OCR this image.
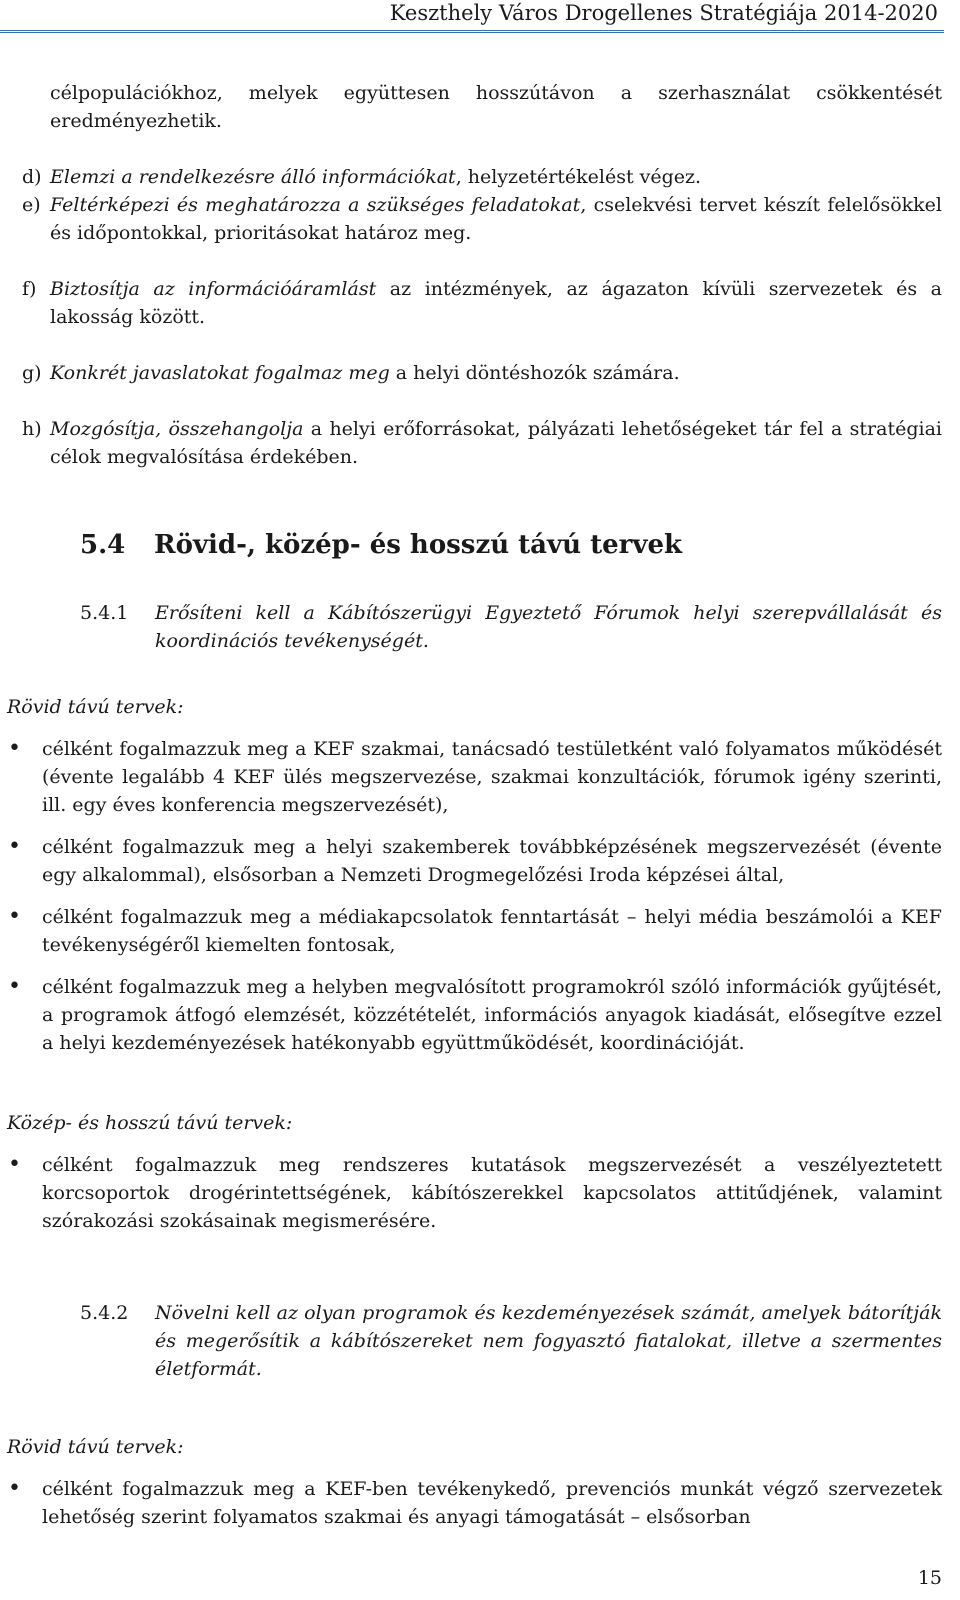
Keszthely Város Drogellenes Stratégiája 2014-2020

célpopulációkhoz, melyek együttesen hosszútávon a szerhasználat csökkentését eredményezhetik.

d) Elemzi a rendelkezésre álló információkat, helyzetértékelést végez.

e) Feltérképezi és meghatározza a szükséges feladatokat, cselekvési tervet készít felelősökkel és időpontokkal, prioritásokat határoz meg.

f) Biztosítja az információáramlást az intézmények, az ágazaton kívüli szervezetek és a lakosság között.

g) Konkrét javaslatokat fogalmaz meg a helyi döntéshozók számára.

h) Mozgósítja, összehangolja a helyi erőforrásokat, pályázati lehetőségeket tár fel a stratégiai célok megvalósítása érdekében.

5.4 Rövid-, közép- és hosszú távú tervek

5.4.1 Erősíteni kell a Kábítószerügyi Egyeztető Fórumok helyi szerepvállalását és koordinációs tevékenységét.

Rövid távú tervek:

• célként fogalmazzuk meg a KEF szakmai, tanácsadó testületként való folyamatos működését (évente legalább 4 KEF ülés megszervezése, szakmai konzultációk, fórumok igény szerinti, ill. egy éves konferencia megszervezését),
• célként fogalmazzuk meg a helyi szakemberek továbbképzésének megszervezését (évente egy alkalommal), elsősorban a Nemzeti Drogmegelőzési Iroda képzései által,
• célként fogalmazzuk meg a médiakapcsolatok fenntartását – helyi média beszámolói a KEF tevékenységéről kiemelten fontosak,
• célként fogalmazzuk meg a helyben megvalósított programokról szóló információk gyűjtését, a programok átfogó elemzését, közzétételét, információs anyagok kiadását, elősegítve ezzel a helyi kezdeményezések hatékonyabb együttműködését, koordinációját.

Közép- és hosszú távú tervek:

• célként fogalmazzuk meg rendszeres kutatások megszervezését a veszélyeztetett korcsoportok drogérintettségének, kábítószerekkel kapcsolatos attitűdjének, valamint szórakozási szokásainak megismerésére.

5.4.2 Növelni kell az olyan programok és kezdeményezések számát, amelyek bátorítják és megerősítik a kábítószereket nem fogyasztó fiatalokat, illetve a szermentes életformát.

Rövid távú tervek:

• célként fogalmazzuk meg a KEF-ben tevékenykedő, prevenciós munkát végző szervezetek lehetőség szerint folyamatos szakmai és anyagi támogatását – elsősorban
15
